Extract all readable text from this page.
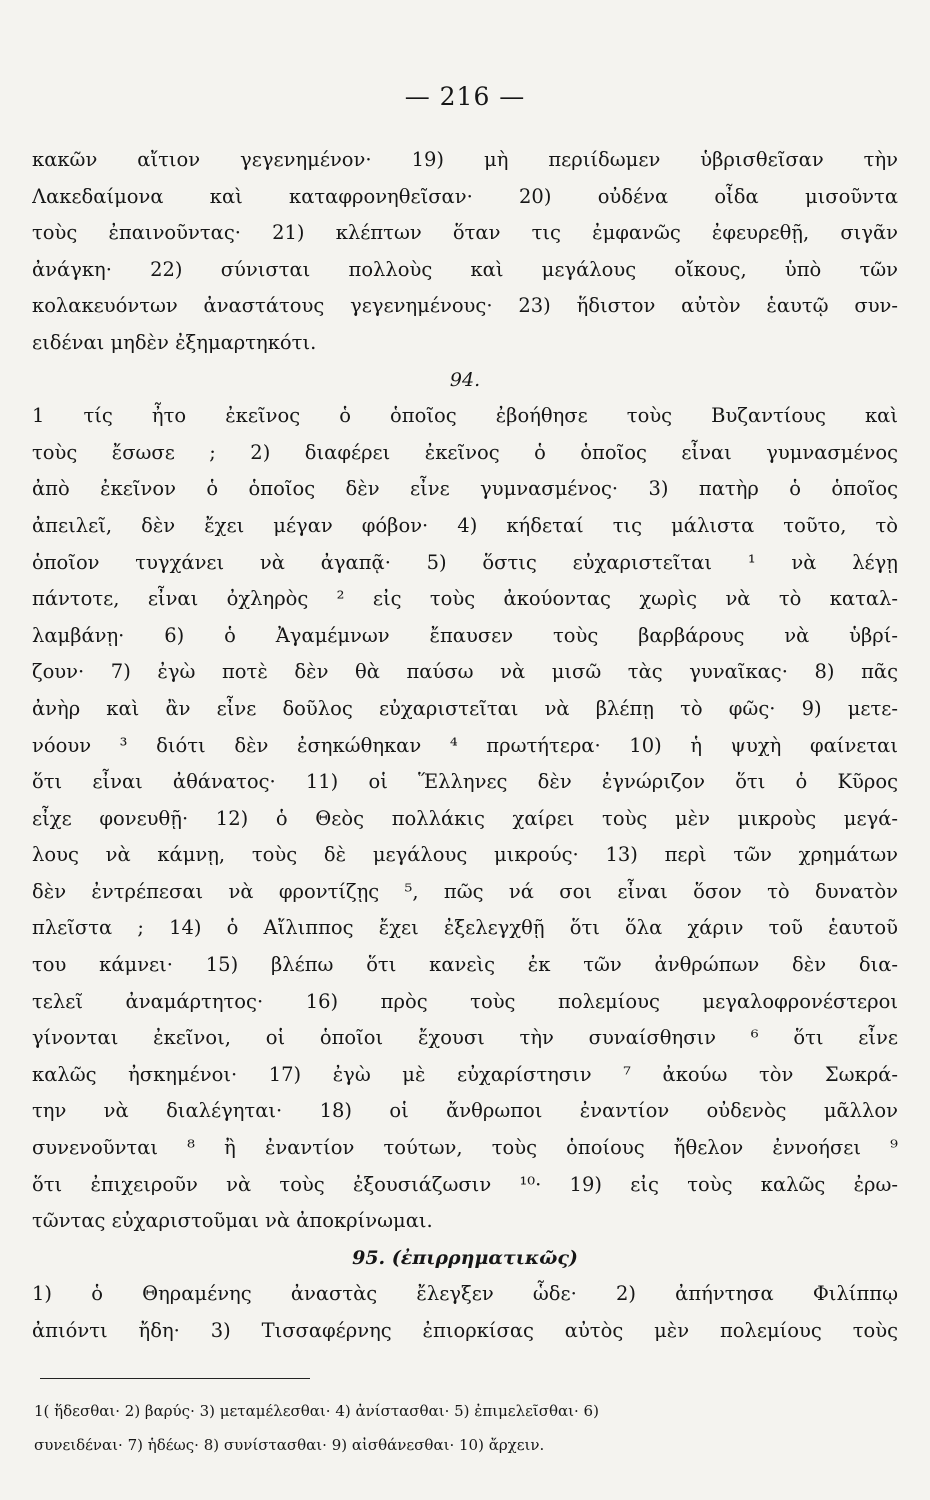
— 216 —
κακῶν αἴτιον γεγενημένον· 19) μὴ περιίδωμεν ὑβρισθεῖσαν τὴν
Λακεδαίμονα καὶ καταφρονηθεῖσαν· 20) οὐδένα οἶδα μισοῦντα
τοὺς ἐπαινοῦντας· 21) κλέπτων ὅταν τις ἐμφανῶς ἐφευρεθῇ, σιγᾶν
ἀνάγκη· 22) σύνισται πολλοὺς καὶ μεγάλους οἴκους, ὑπὸ τῶν
κολακευόντων ἀναστάτους γεγενημένους· 23) ἥδιστον αὐτὸν ἑαυτῷ συν-
ειδέναι μηδὲν ἐξημαρτηκότι.
94.
1 τίς ἦτο ἐκεῖνος ὁ ὁποῖος ἐβοήθησε τοὺς Βυζαντίους καὶ
τοὺς ἔσωσε ; 2) διαφέρει ἐκεῖνος ὁ ὁποῖος εἶναι γυμνασμένος
ἀπὸ ἐκεῖνον ὁ ὁποῖος δὲν εἶνε γυμνασμένος· 3) πατὴρ ὁ ὁποῖος
ἀπειλεῖ, δὲν ἔχει μέγαν φόβον· 4) κήδεταί τις μάλιστα τοῦτο, τὸ
ὁποῖον τυγχάνει νὰ ἀγαπᾷ· 5) ὅστις εὐχαριστεῖται ¹ νὰ λέγῃ
πάντοτε, εἶναι ὀχληρὸς ² εἰς τοὺς ἀκούοντας χωρὶς νὰ τὸ καταλ-
λαμβάνῃ· 6) ὁ Ἀγαμέμνων ἔπαυσεν τοὺς βαρβάρους νὰ ὑβρί-
ζουν· 7) ἐγὼ ποτὲ δὲν θὰ παύσω νὰ μισῶ τὰς γυναῖκας· 8) πᾶς
ἀνὴρ καὶ ἂν εἶνε δοῦλος εὐχαριστεῖται νὰ βλέπῃ τὸ φῶς· 9) μετε-
νόουν ³ διότι δὲν ἐσηκώθηκαν ⁴ πρωτήτερα· 10) ἡ ψυχὴ φαίνεται
ὅτι εἶναι ἀθάνατος· 11) οἱ Ἕλληνες δὲν ἐγνώριζον ὅτι ὁ Κῦρος
εἶχε φονευθῇ· 12) ὁ Θεὸς πολλάκις χαίρει τοὺς μὲν μικροὺς μεγά-
λους νὰ κάμνῃ, τοὺς δὲ μεγάλους μικρούς· 13) περὶ τῶν χρημάτων
δὲν ἐντρέπεσαι νὰ φροντίζῃς ⁵, πῶς νά σοι εἶναι ὅσον τὸ δυνατὸν
πλεῖστα ; 14) ὁ Αἴλιππος ἔχει ἐξελεγχθῇ ὅτι ὅλα χάριν τοῦ ἑαυτοῦ
του κάμνει· 15) βλέπω ὅτι κανεὶς ἐκ τῶν ἀνθρώπων δὲν δια-
τελεῖ ἀναμάρτητος· 16) πρὸς τοὺς πολεμίους μεγαλοφρονέστεροι
γίνονται ἐκεῖνοι, οἱ ὁποῖοι ἔχουσι τὴν συναίσθησιν ⁶ ὅτι εἶνε
καλῶς ἠσκημένοι· 17) ἐγὼ μὲ εὐχαρίστησιν ⁷ ἀκούω τὸν Σωκρά-
την νὰ διαλέγηται· 18) οἱ ἄνθρωποι ἐναντίον οὐδενὸς μᾶλλον
συνενοῦνται ⁸ ἢ ἐναντίον τούτων, τοὺς ὁποίους ἤθελον ἐννοήσει ⁹
ὅτι ἐπιχειροῦν νὰ τοὺς ἐξουσιάζωσιν ¹⁰· 19) εἰς τοὺς καλῶς ἐρω-
τῶντας εὐχαριστοῦμαι νὰ ἀποκρίνωμαι.
95. (ἐπιρρηματικῶς)
1) ὁ Θηραμένης ἀναστὰς ἔλεγξεν ὧδε· 2) ἀπήντησα Φιλίππῳ
ἀπιόντι ἤδη· 3) Τισσαφέρνης ἐπιορκίσας αὐτὸς μὲν πολεμίους τοὺς
1( ἥδεσθαι· 2) βαρύς· 3) μεταμέλεσθαι· 4) ἀνίστασθαι· 5) ἐπιμελεῖσθαι· 6)
συνειδέναι· 7) ἡδέως· 8) συνίστασθαι· 9) αἰσθάνεσθαι· 10) ἄρχειν.
